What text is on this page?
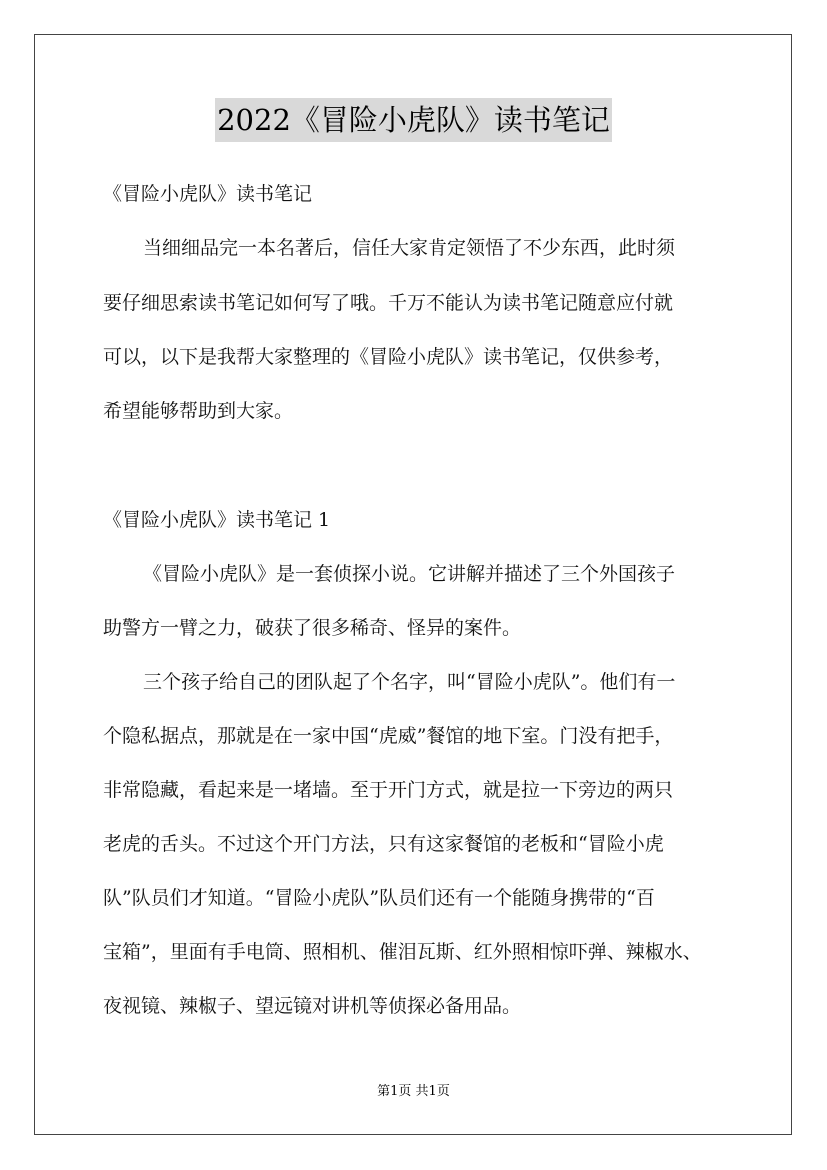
2022《冒险小虎队》读书笔记
《冒险小虎队》读书笔记
当细细品完一本名著后，信任大家肯定领悟了不少东西，此时须
要仔细思索读书笔记如何写了哦。千万不能认为读书笔记随意应付就
可以，以下是我帮大家整理的《冒险小虎队》读书笔记，仅供参考，
希望能够帮助到大家。
《冒险小虎队》读书笔记 1
《冒险小虎队》是一套侦探小说。它讲解并描述了三个外国孩子
助警方一臂之力，破获了很多稀奇、怪异的案件。
三个孩子给自己的团队起了个名字，叫“冒险小虎队”。他们有一
个隐私据点，那就是在一家中国“虎威”餐馆的地下室。门没有把手，
非常隐藏，看起来是一堵墙。至于开门方式，就是拉一下旁边的两只
老虎的舌头。不过这个开门方法，只有这家餐馆的老板和“冒险小虎
队”队员们才知道。“冒险小虎队”队员们还有一个能随身携带的“百
宝箱”，里面有手电筒、照相机、催泪瓦斯、红外照相惊吓弹、辣椒水、
夜视镜、辣椒子、望远镜对讲机等侦探必备用品。
第1页 共1页
